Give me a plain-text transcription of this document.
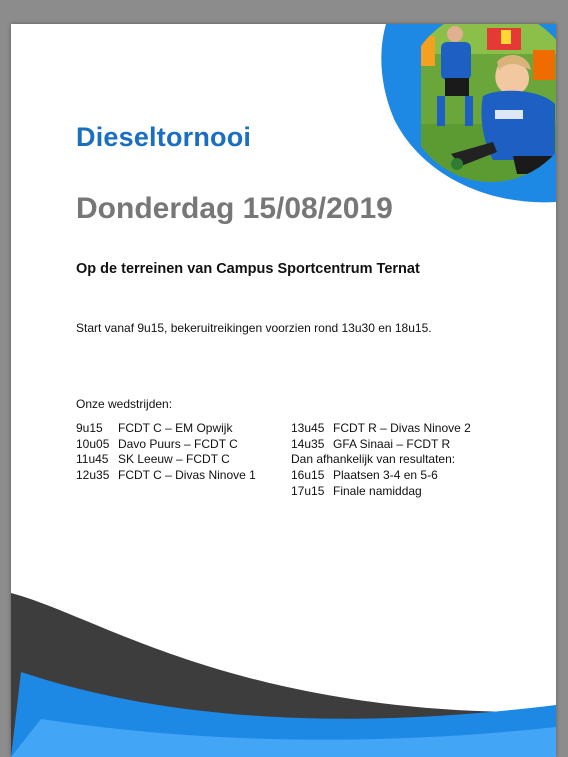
Dieseltornooi
Donderdag 15/08/2019

Op de terreinen van Campus Sportcentrum Ternat

Start vanaf 9u15, bekeruitreikingen voorzien rond 13u30 en 18u15.

Onze wedstrijden:

9u15 FCDT C – EM Opwijk
10u05 Davo Puurs – FCDT C
11u45 SK Leeuw – FCDT C
12u35 FCDT C – Divas Ninove 1
13u45 FCDT R – Divas Ninove 2
14u35 GFA Sinaai – FCDT R
Dan afhankelijk van resultaten:
16u15 Plaatsen 3-4 en 5-6
17u15 Finale namiddag
